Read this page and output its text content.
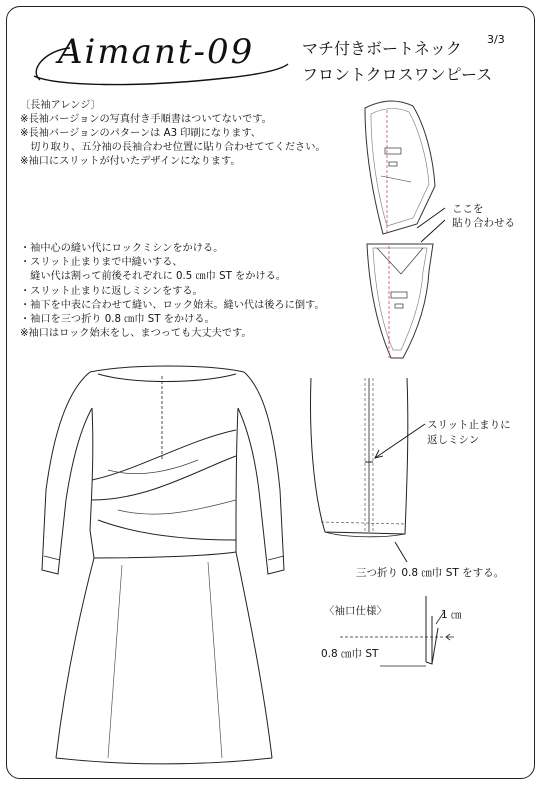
Aimant-09	マチ付きボートネック
フロントクロスワンピース
3/3
〔長袖アレンジ〕
※長袖バージョンの写真付き手順書はついてないです。
※長袖バージョンのパターンは A3 印刷になります、
　切り取り、五分袖の長袖合わせ位置に貼り合わせててください。
※袖口にスリットが付いたデザインになります。
・袖中心の縫い代にロックミシンをかける。
・スリット止まりまで中縫いする、
　縫い代は割って前後それぞれに 0.5 ㎝巾 ST をかける。
・スリット止まりに返しミシンをする。
・袖下を中表に合わせて縫い、ロック始末。縫い代は後ろに倒す。
・袖口を三つ折り 0.8 ㎝巾 ST をかける。
※袖口はロック始末をし、まつっても大丈夫です。
ここを
貼り合わせる
スリット止まりに
返しミシン
三つ折り 0.8 ㎝巾 ST をする。
〈袖口仕様〉	1 ㎝
0.8 ㎝巾 ST
